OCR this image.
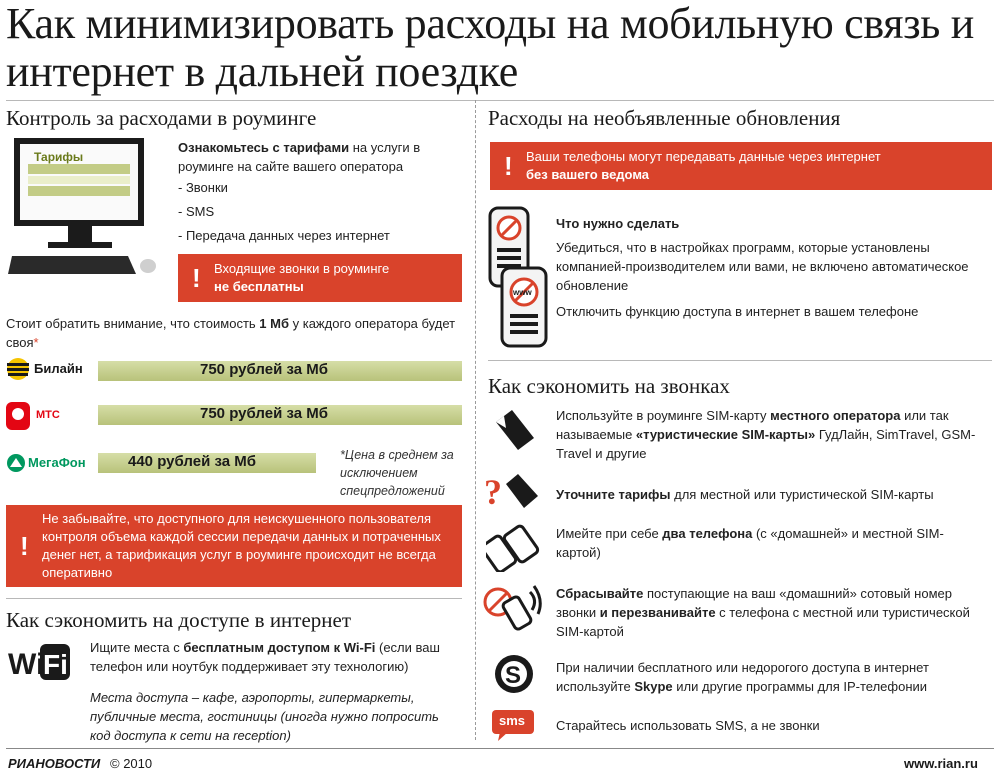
Как минимизировать расходы на мобильную связь и интернет в дальней поездке
Контроль за расходами в роуминге
Тарифы
Ознакомьтесь с тарифами на услуги в роуминге на сайте вашего оператора
- Звонки
- SMS
- Передача данных через интернет
! Входящие звонки в роуминге
не бесплатны
Стоит обратить внимание, что стоимость 1 Мб у каждого оператора будет своя*
Билайн	750 рублей за Мб
МТС	750 рублей за Мб
МегаФон	440 рублей за Мб	*Цена в среднем за исключением спецпредложений
!
Не забывайте, что доступного для неискушенного пользователя контроля объема каждой сессии передачи данных и потраченных денег нет, а тарификация услуг в роуминге происходит не всегда оперативно
Как сэкономить на доступе в интернет
Wi
Fi
Ищите места с бесплатным доступом к Wi-Fi (если ваш телефон или ноутбук поддерживает эту технологию)
Места доступа – кафе, аэропорты, гипермаркеты, публичные места, гостиницы (иногда нужно попросить код доступа к сети на reception)
Расходы на необъявленные обновления
! Ваши телефоны могут передавать данные через интернет
без вашего ведома
www
Что нужно сделать
Убедиться, что в настройках программ, которые установлены компанией-производителем или вами, не включено автоматическое обновление
Отключить функцию доступа в интернет в вашем телефоне
Как сэкономить на звонках
Используйте в роуминге SIM-карту местного оператора или так называемые «туристические SIM-карты» ГудЛайн, SimTravel, GSM-Travel и другие
?	Уточните тарифы для местной или туристической SIM-карты
Имейте при себе два телефона (с «домашней» и местной SIM-картой)
Сбрасывайте поступающие на ваш «домашний» сотовый номер звонки и перезванивайте с телефона с местной или туристической SIM-картой
S	При наличии бесплатного или недорогого доступа в интернет используйте Skype или другие программы для IP-телефонии
sms Старайтесь использовать SMS, а не звонки
РИАНОВОСТИ © 2010	www.rian.ru
